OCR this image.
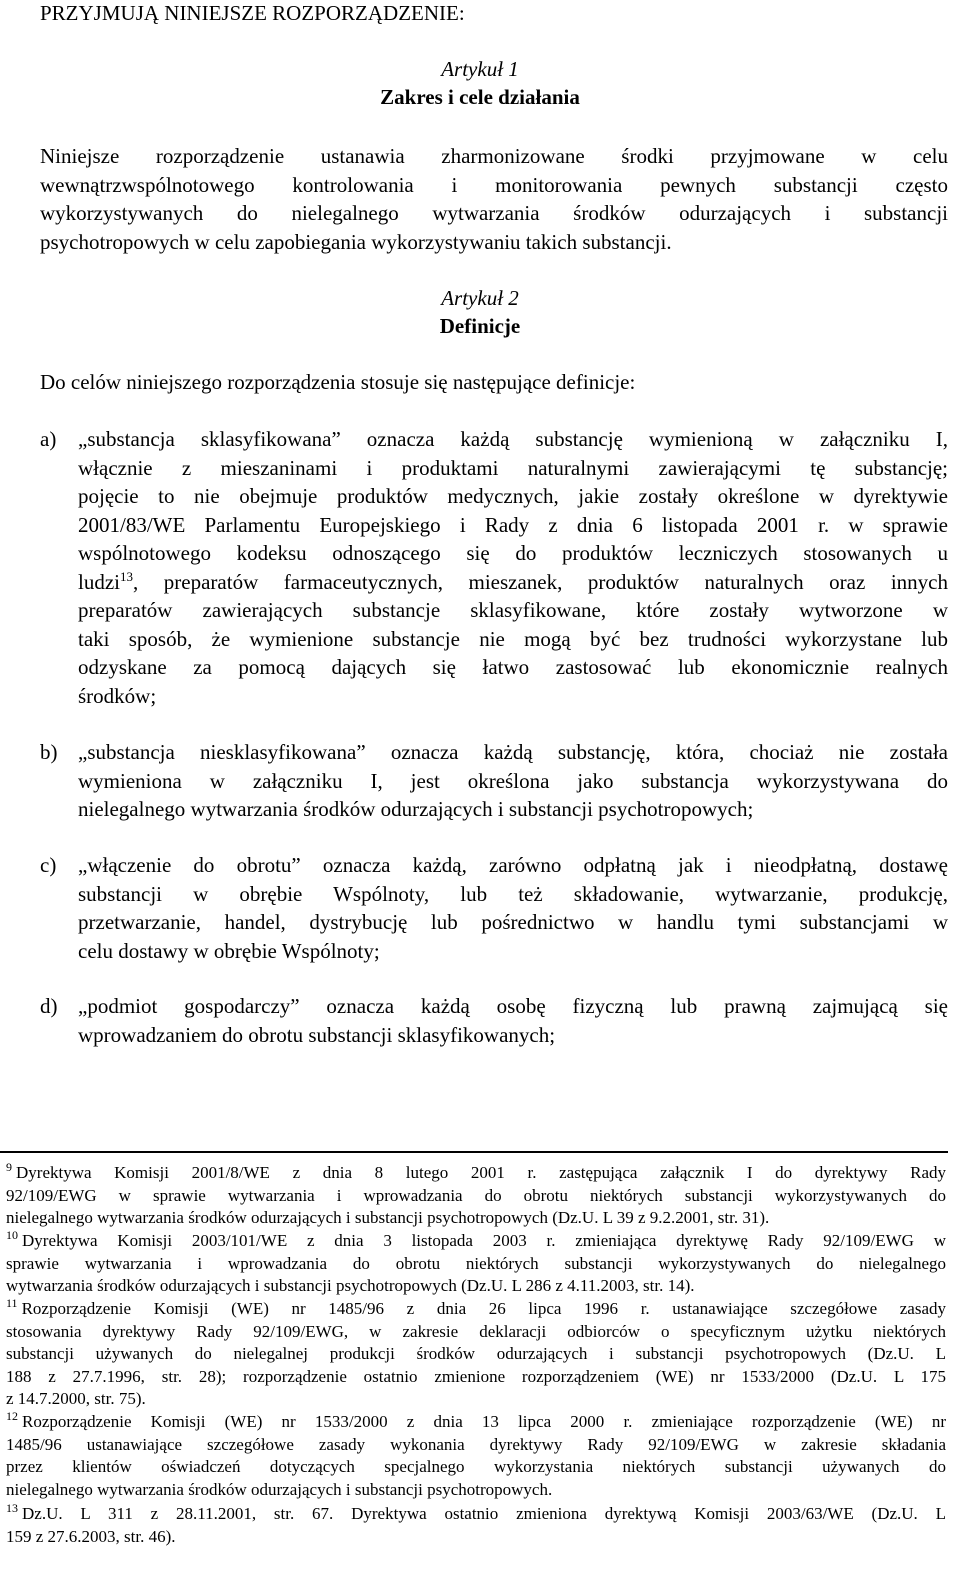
PRZYJMUJĄ NINIEJSZE ROZPORZĄDZENIE:
Artykuł 1
Zakres i cele działania
Niniejsze rozporządzenie ustanawia zharmonizowane środki przyjmowane w celu
wewnątrzwspólnotowego kontrolowania i monitorowania pewnych substancji często
wykorzystywanych do nielegalnego wytwarzania środków odurzających i substancji
psychotropowych w celu zapobiegania wykorzystywaniu takich substancji.
Artykuł 2
Definicje
Do celów niniejszego rozporządzenia stosuje się następujące definicje:
a) „substancja sklasyfikowana” oznacza każdą substancję wymienioną w załączniku I,
włącznie z mieszaninami i produktami naturalnymi zawierającymi tę substancję;
pojęcie to nie obejmuje produktów medycznych, jakie zostały określone w dyrektywie
2001/83/WE Parlamentu Europejskiego i Rady z dnia 6 listopada 2001 r. w sprawie
wspólnotowego kodeksu odnoszącego się do produktów leczniczych stosowanych u
ludzi$^{13}$, preparatów farmaceutycznych, mieszanek, produktów naturalnych oraz innych
preparatów zawierających substancje sklasyfikowane, które zostały wytworzone w
taki sposób, że wymienione substancje nie mogą być bez trudności wykorzystane lub
odzyskane za pomocą dających się łatwo zastosować lub ekonomicznie realnych
środków;
b) „substancja niesklasyfikowana” oznacza każdą substancję, która, chociaż nie została
wymieniona w załączniku I, jest określona jako substancja wykorzystywana do
nielegalnego wytwarzania środków odurzających i substancji psychotropowych;
c) „włączenie do obrotu” oznacza każdą, zarówno odpłatną jak i nieodpłatną, dostawę
substancji w obrębie Wspólnoty, lub też składowanie, wytwarzanie, produkcję,
przetwarzanie, handel, dystrybucję lub pośrednictwo w handlu tymi substancjami w
celu dostawy w obrębie Wspólnoty;
d) „podmiot gospodarczy” oznacza każdą osobę fizyczną lub prawną zajmującą się
wprowadzaniem do obrotu substancji sklasyfikowanych;
$^9$ Dyrektywa Komisji 2001/8/WE z dnia 8 lutego 2001 r. zastępująca załącznik I do dyrektywy Rady
92/109/EWG w sprawie wytwarzania i wprowadzania do obrotu niektórych substancji wykorzystywanych do
nielegalnego wytwarzania środków odurzających i substancji psychotropowych (Dz.U. L 39 z 9.2.2001, str. 31).
$^{10}$ Dyrektywa Komisji 2003/101/WE z dnia 3 listopada 2003 r. zmieniająca dyrektywę Rady 92/109/EWG w
sprawie wytwarzania i wprowadzania do obrotu niektórych substancji wykorzystywanych do nielegalnego
wytwarzania środków odurzających i substancji psychotropowych (Dz.U. L 286 z 4.11.2003, str. 14).
$^{11}$ Rozporządzenie Komisji (WE) nr 1485/96 z dnia 26 lipca 1996 r. ustanawiające szczegółowe zasady
stosowania dyrektywy Rady 92/109/EWG, w zakresie deklaracji odbiorców o specyficznym użytku niektórych
substancji używanych do nielegalnej produkcji środków odurzających i substancji psychotropowych (Dz.U. L
188 z 27.7.1996, str. 28); rozporządzenie ostatnio zmienione rozporządzeniem (WE) nr 1533/2000 (Dz.U. L 175
z 14.7.2000, str. 75).
$^{12}$ Rozporządzenie Komisji (WE) nr 1533/2000 z dnia 13 lipca 2000 r. zmieniające rozporządzenie (WE) nr
1485/96 ustanawiające szczegółowe zasady wykonania dyrektywy Rady 92/109/EWG w zakresie składania
przez klientów oświadczeń dotyczących specjalnego wykorzystania niektórych substancji używanych do
nielegalnego wytwarzania środków odurzających i substancji psychotropowych.
$^{13}$ Dz.U. L 311 z 28.11.2001, str. 67. Dyrektywa ostatnio zmieniona dyrektywą Komisji 2003/63/WE (Dz.U. L
159 z 27.6.2003, str. 46).
